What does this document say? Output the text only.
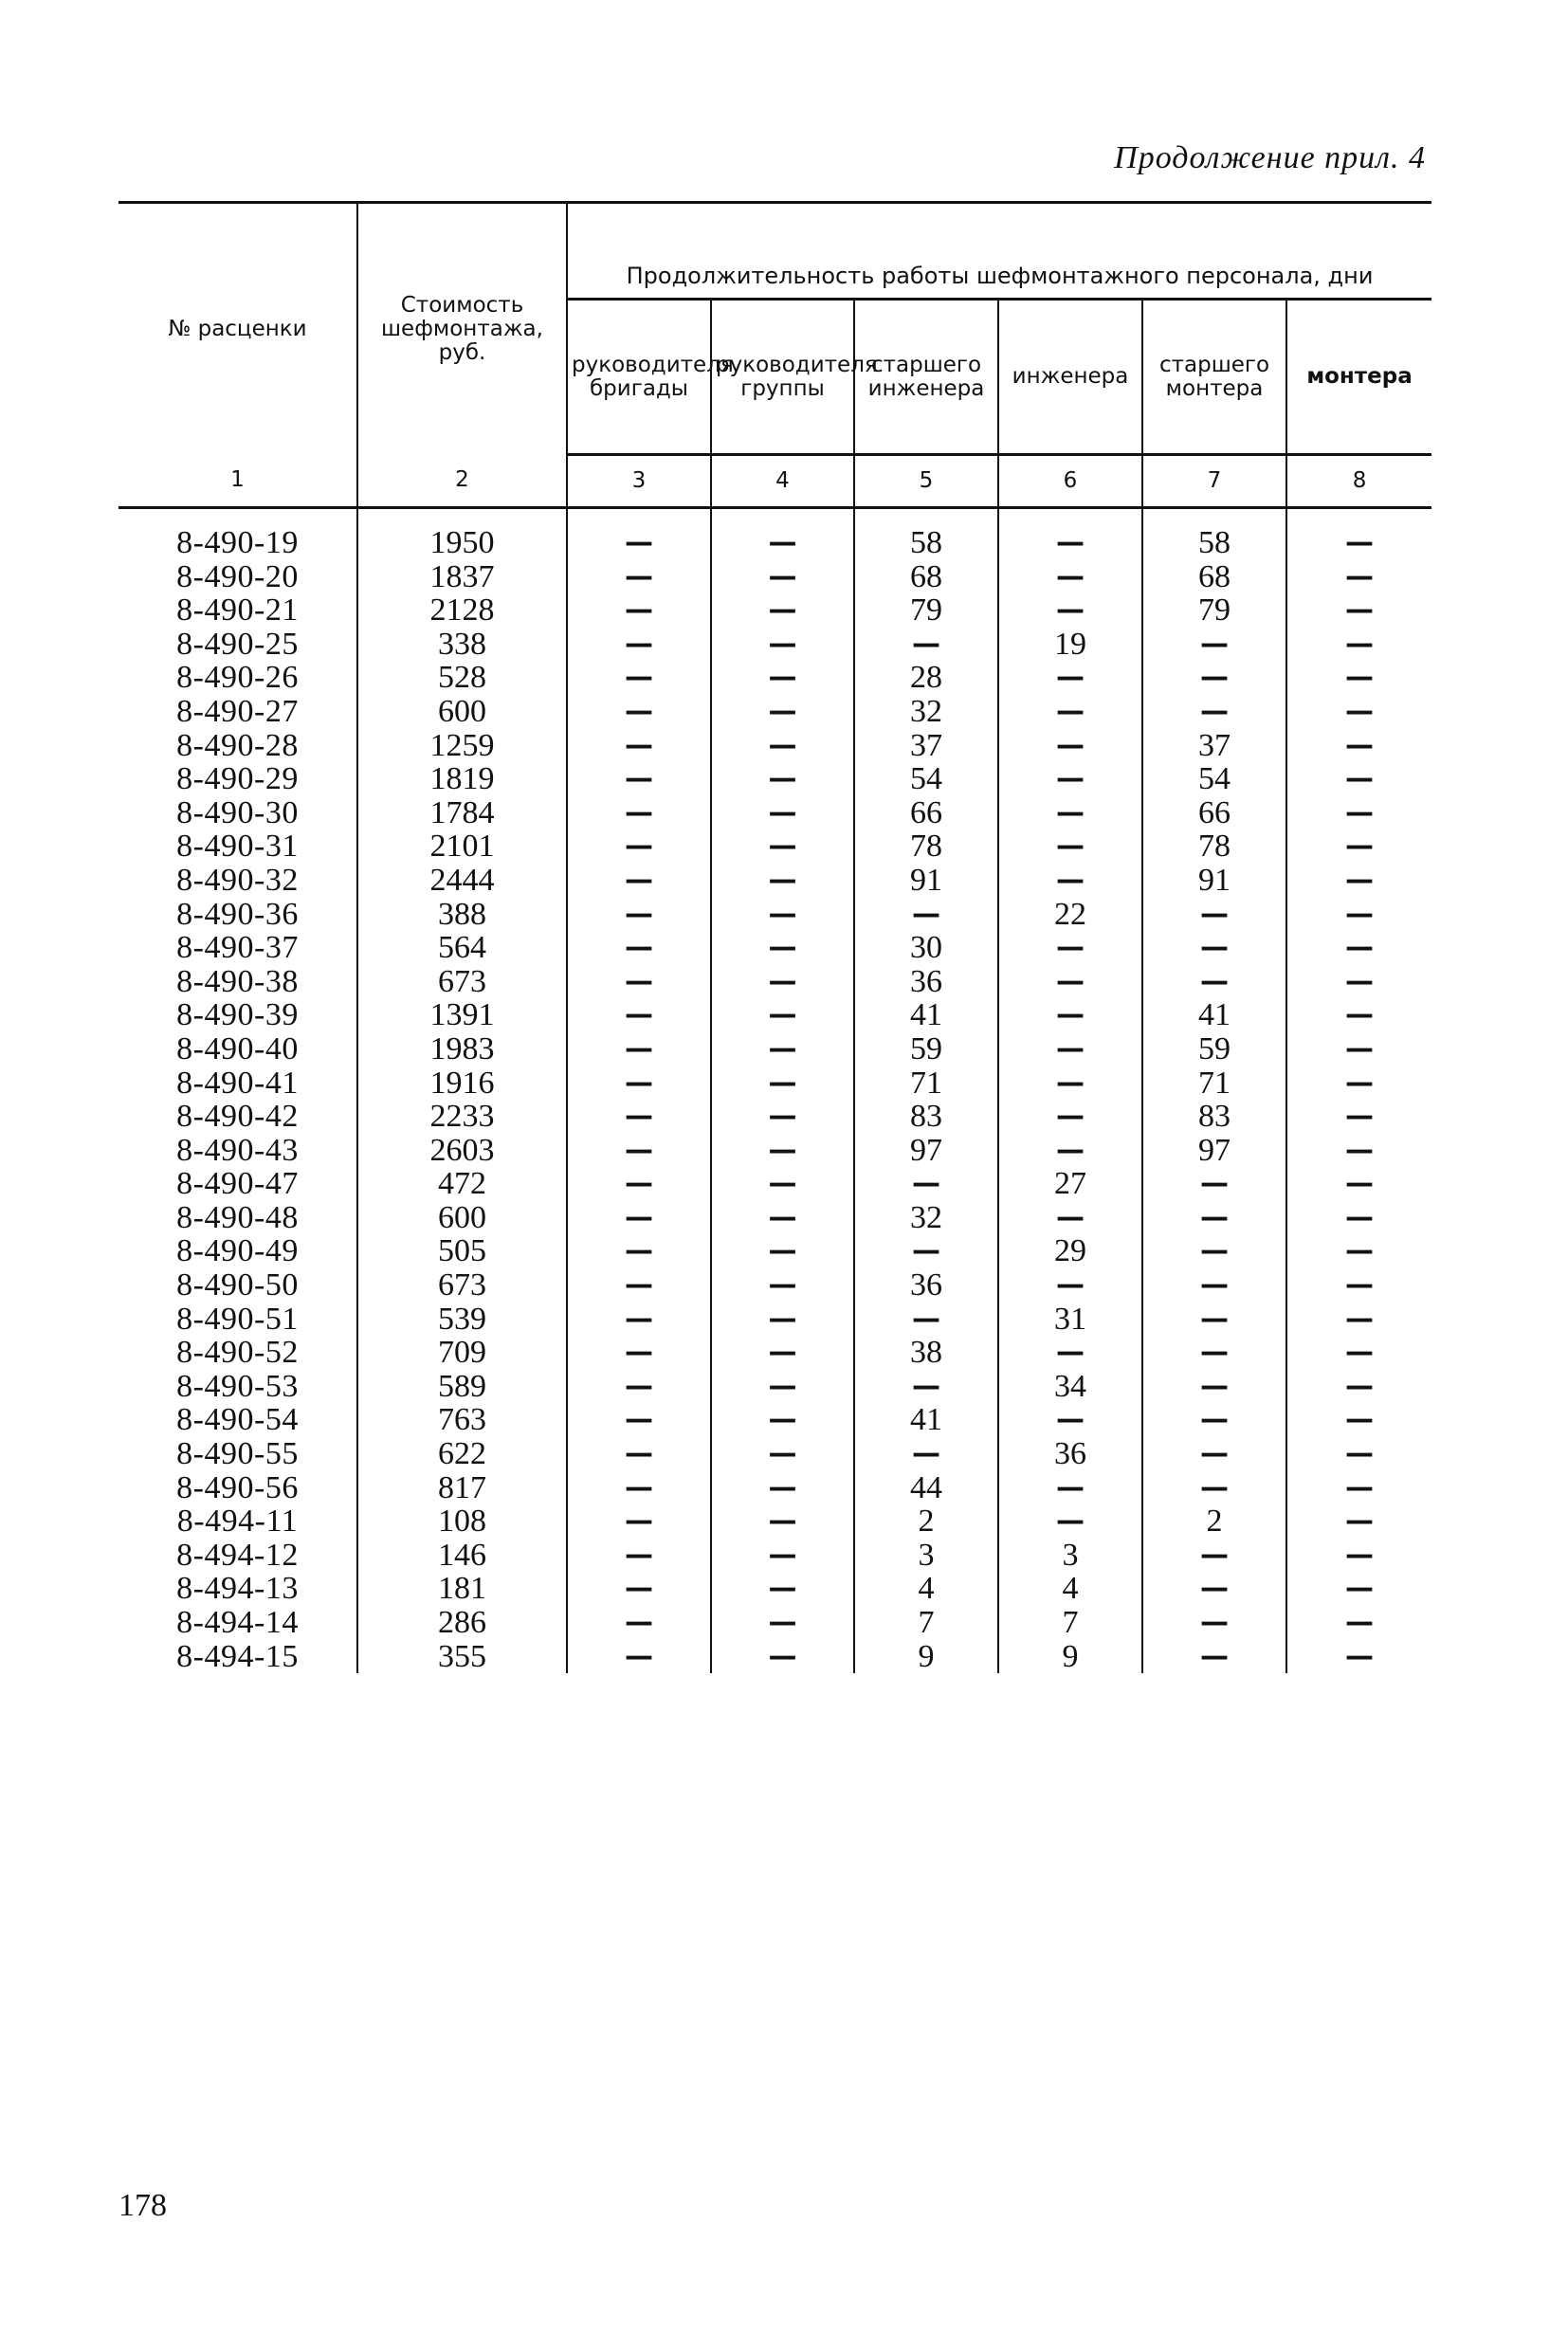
Продолжение прил. 4
№ расценки	Стоимость шефмонтажа, руб.	Продолжительность работы шефмонтажного персонала, дни					
		руководителя бригады	руководителя группы	старшего инженера	инженера	старшего монтера	монтера
1	2	3	4	5	6	7	8
8-490-19	1950	—	—	58	—	58	—
8-490-20	1837	—	—	68	—	68	—
8-490-21	2128	—	—	79	—	79	—
8-490-25	338	—	—	—	19	—	—
8-490-26	528	—	—	28	—	—	—
8-490-27	600	—	—	32	—	—	—
8-490-28	1259	—	—	37	—	37	—
8-490-29	1819	—	—	54	—	54	—
8-490-30	1784	—	—	66	—	66	—
8-490-31	2101	—	—	78	—	78	—
8-490-32	2444	—	—	91	—	91	—
8-490-36	388	—	—	—	22	—	—
8-490-37	564	—	—	30	—	—	—
8-490-38	673	—	—	36	—	—	—
8-490-39	1391	—	—	41	—	41	—
8-490-40	1983	—	—	59	—	59	—
8-490-41	1916	—	—	71	—	71	—
8-490-42	2233	—	—	83	—	83	—
8-490-43	2603	—	—	97	—	97	—
8-490-47	472	—	—	—	27	—	—
8-490-48	600	—	—	32	—	—	—
8-490-49	505	—	—	—	29	—	—
8-490-50	673	—	—	36	—	—	—
8-490-51	539	—	—	—	31	—	—
8-490-52	709	—	—	38	—	—	—
8-490-53	589	—	—	—	34	—	—
8-490-54	763	—	—	41	—	—	—
8-490-55	622	—	—	—	36	—	—
8-490-56	817	—	—	44	—	—	—
8-494-11	108	—	—	2	—	2	—
8-494-12	146	—	—	3	3	—	—
8-494-13	181	—	—	4	4	—	—
8-494-14	286	—	—	7	7	—	—
8-494-15	355	—	—	9	9	—	—
178
